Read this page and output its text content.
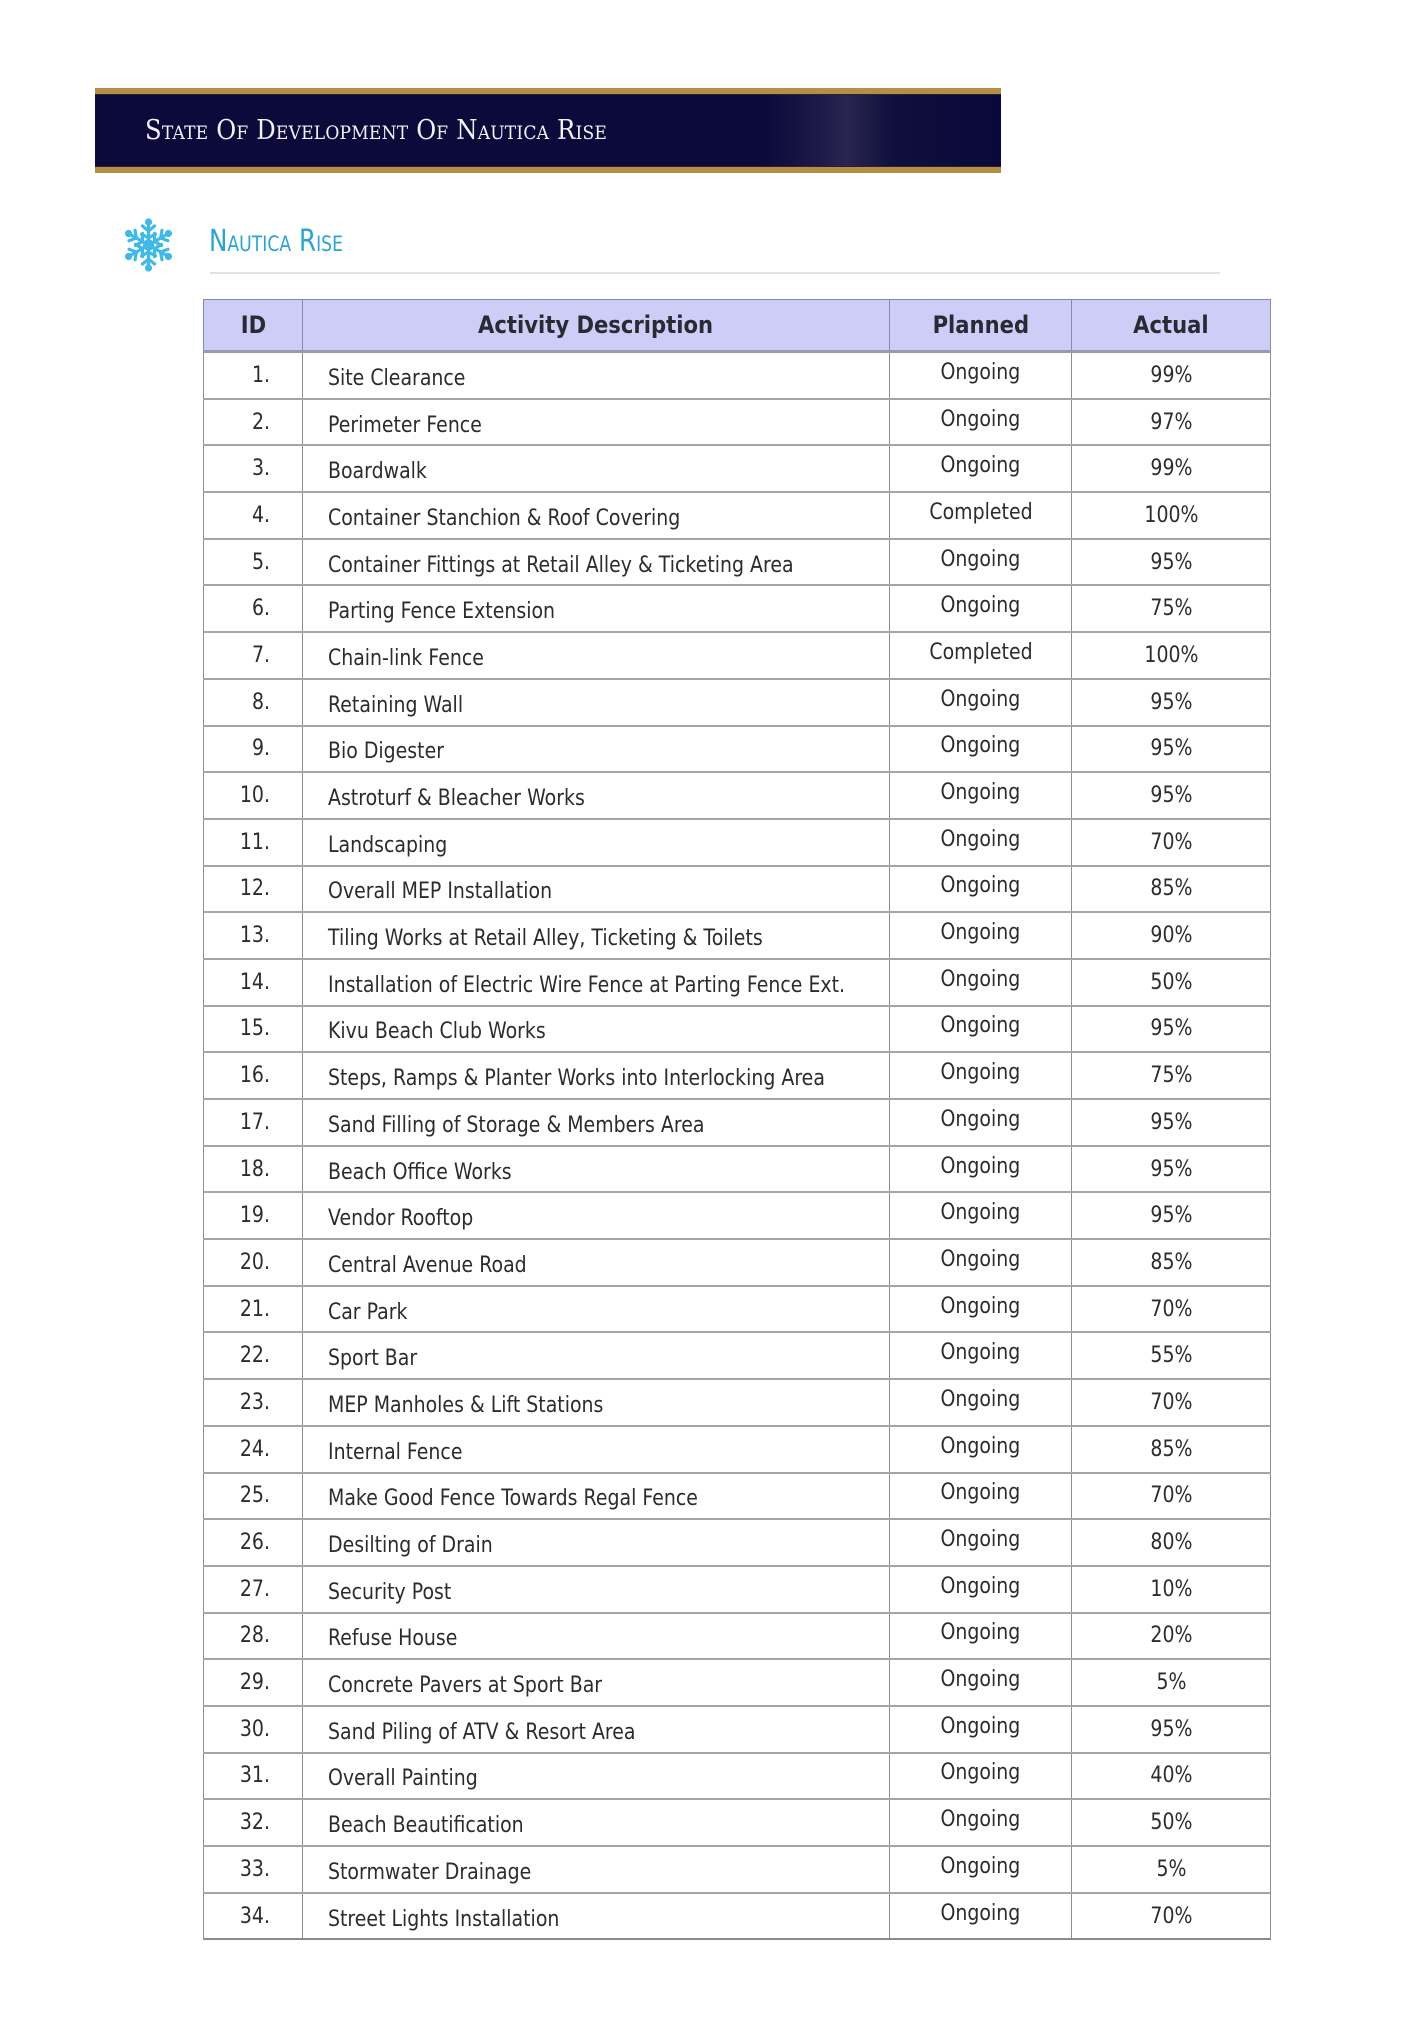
State Of Development Of Nautica Rise
Nautica Rise
ID	Activity Description	Planned	Actual
1.	Site Clearance	Ongoing	99%
2.	Perimeter Fence	Ongoing	97%
3.	Boardwalk	Ongoing	99%
4.	Container Stanchion & Roof Covering	Completed	100%
5.	Container Fittings at Retail Alley & Ticketing Area	Ongoing	95%
6.	Parting Fence Extension	Ongoing	75%
7.	Chain-link Fence	Completed	100%
8.	Retaining Wall	Ongoing	95%
9.	Bio Digester	Ongoing	95%
10.	Astroturf & Bleacher Works	Ongoing	95%
11.	Landscaping	Ongoing	70%
12.	Overall MEP Installation	Ongoing	85%
13.	Tiling Works at Retail Alley, Ticketing & Toilets	Ongoing	90%
14.	Installation of Electric Wire Fence at Parting Fence Ext.	Ongoing	50%
15.	Kivu Beach Club Works	Ongoing	95%
16.	Steps, Ramps & Planter Works into Interlocking Area	Ongoing	75%
17.	Sand Filling of Storage & Members Area	Ongoing	95%
18.	Beach Office Works	Ongoing	95%
19.	Vendor Rooftop	Ongoing	95%
20.	Central Avenue Road	Ongoing	85%
21.	Car Park	Ongoing	70%
22.	Sport Bar	Ongoing	55%
23.	MEP Manholes & Lift Stations	Ongoing	70%
24.	Internal Fence	Ongoing	85%
25.	Make Good Fence Towards Regal Fence	Ongoing	70%
26.	Desilting of Drain	Ongoing	80%
27.	Security Post	Ongoing	10%
28.	Refuse House	Ongoing	20%
29.	Concrete Pavers at Sport Bar	Ongoing	5%
30.	Sand Piling of ATV & Resort Area	Ongoing	95%
31.	Overall Painting	Ongoing	40%
32.	Beach Beautification	Ongoing	50%
33.	Stormwater Drainage	Ongoing	5%
34.	Street Lights Installation	Ongoing	70%
